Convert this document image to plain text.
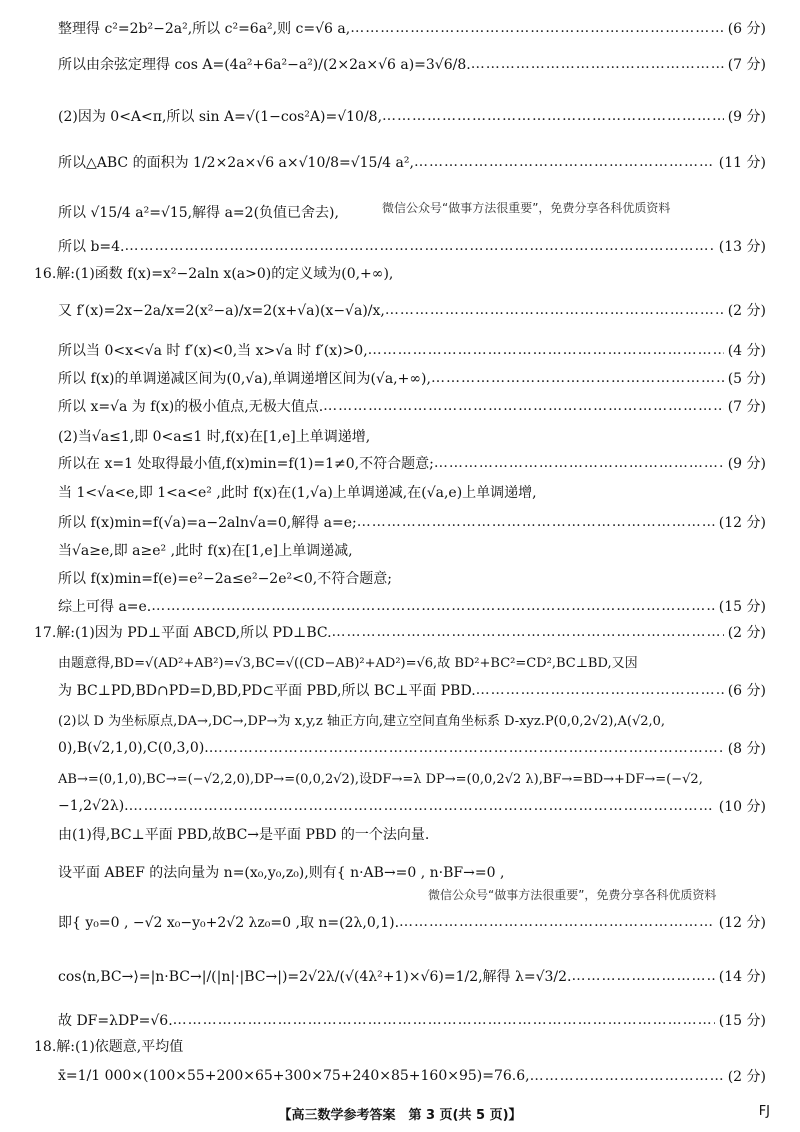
整理得 c²=2b²−2a²,所以 c²=6a²,则 c=√6 a, ……………………………………………………………………………………………………………………………………………………………………………………………………	(6 分)
所以由余弦定理得 cos A=(4a²+6a²−a²)/(2×2a×√6 a)=3√6/8. ……………………………………………………………………………………………………………………………………………………………………………………………………	(7 分)
(2)因为 0<A<π,所以 sin A=√(1−cos²A)=√10/8, ……………………………………………………………………………………………………………………………………………………………………………………………………	(9 分)
所以△ABC 的面积为 1/2×2a×√6 a×√10/8=√15/4 a², ……………………………………………………………………………………………………………………………………………………………………………………………………	(11 分)
所以 √15/4 a²=√15,解得 a=2(负值已舍去),	微信公众号“做事方法很重要”，免费分享各科优质资料
所以 b=4. ……………………………………………………………………………………………………………………………………………………………………………………………………	(13 分)
16.解:(1)函数 f(x)=x²−2aln x(a>0)的定义域为(0,+∞),
又 f′(x)=2x−2a/x=2(x²−a)/x=2(x+√a)(x−√a)/x, ……………………………………………………………………………………………………………………………………………………………………………………………………	(2 分)
所以当 0<x<√a 时 f′(x)<0,当 x>√a 时 f′(x)>0, ……………………………………………………………………………………………………………………………………………………………………………………………………	(4 分)
所以 f(x)的单调递减区间为(0,√a),单调递增区间为(√a,+∞), ……………………………………………………………………………………………………………………………………………………………………………………………………	(5 分)
所以 x=√a 为 f(x)的极小值点,无极大值点. ……………………………………………………………………………………………………………………………………………………………………………………………………	(7 分)
(2)当√a≤1,即 0<a≤1 时,f(x)在[1,e]上单调递增,
所以在 x=1 处取得最小值,f(x)min=f(1)=1≠0,不符合题意; ……………………………………………………………………………………………………………………………………………………………………………………………………	(9 分)
当 1<√a<e,即 1<a<e² ,此时 f(x)在(1,√a)上单调递减,在(√a,e)上单调递增,
所以 f(x)min=f(√a)=a−2aln√a=0,解得 a=e; ……………………………………………………………………………………………………………………………………………………………………………………………………	(12 分)
当√a≥e,即 a≥e² ,此时 f(x)在[1,e]上单调递减,
所以 f(x)min=f(e)=e²−2a≤e²−2e²<0,不符合题意;
综上可得 a=e. ……………………………………………………………………………………………………………………………………………………………………………………………………	(15 分)
17.解:(1)因为 PD⊥平面 ABCD,所以 PD⊥BC. ……………………………………………………………………………………………………………………………………………………………………………………………………	(2 分)
由题意得,BD=√(AD²+AB²)=√3,BC=√((CD−AB)²+AD²)=√6,故 BD²+BC²=CD²,BC⊥BD,又因
为 BC⊥PD,BD∩PD=D,BD,PD⊂平面 PBD,所以 BC⊥平面 PBD. ……………………………………………………………………………………………………………………………………………………………………………………………………	(6 分)
(2)以 D 为坐标原点,DA→,DC→,DP→为 x,y,z 轴正方向,建立空间直角坐标系 D-xyz.P(0,0,2√2),A(√2,0,
0),B(√2,1,0),C(0,3,0). ……………………………………………………………………………………………………………………………………………………………………………………………………	(8 分)
AB→=(0,1,0),BC→=(−√2,2,0),DP→=(0,0,2√2),设DF→=λ DP→=(0,0,2√2 λ),BF→=BD→+DF→=(−√2,
−1,2√2λ). ……………………………………………………………………………………………………………………………………………………………………………………………………	(10 分)
由(1)得,BC⊥平面 PBD,故BC→是平面 PBD 的一个法向量.
设平面 ABEF 的法向量为 n=(x₀,y₀,z₀),则有{ n·AB→=0 , n·BF→=0 ,
微信公众号“做事方法很重要”，免费分享各科优质资料
即{ y₀=0 , −√2 x₀−y₀+2√2 λz₀=0 ,取 n=(2λ,0,1). ……………………………………………………………………………………………………………………………………………………………………………………………………	(12 分)
cos⟨n,BC→⟩=|n·BC→|/(|n|·|BC→|)=2√2λ/(√(4λ²+1)×√6)=1/2,解得 λ=√3/2. ……………………………………………………………………………………………………………………………………………………………………………………………………	(14 分)
故 DF=λDP=√6. ……………………………………………………………………………………………………………………………………………………………………………………………………	(15 分)
18.解:(1)依题意,平均值
x̄=1/1 000×(100×55+200×65+300×75+240×85+160×95)=76.6, ……………………………………………………………………………………………………………………………………………………………………………………………………	(2 分)
【高三数学参考答案　第 3 页(共 5 页)】	FJ
